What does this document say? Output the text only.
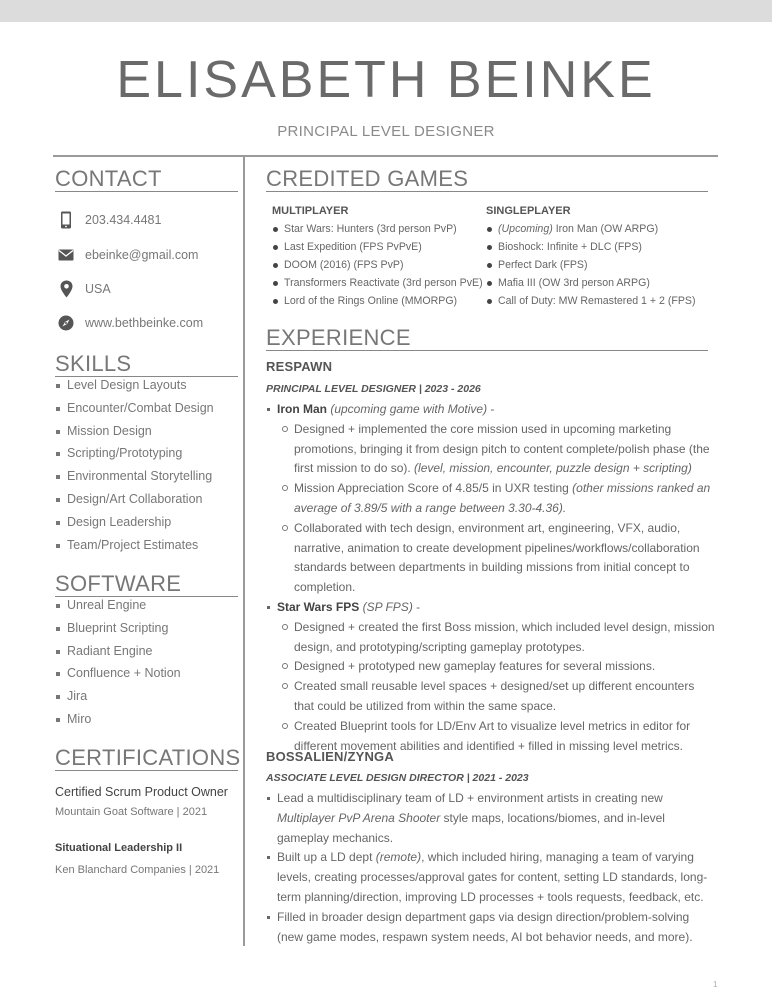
ELISABETH BEINKE
PRINCIPAL LEVEL DESIGNER
CONTACT
203.434.4481
ebeinke@gmail.com
USA
www.bethbeinke.com
SKILLS
Level Design Layouts
Encounter/Combat Design
Mission Design
Scripting/Prototyping
Environmental Storytelling
Design/Art Collaboration
Design Leadership
Team/Project Estimates
SOFTWARE
Unreal Engine
Blueprint Scripting
Radiant Engine
Confluence + Notion
Jira
Miro
CERTIFICATIONS
Certified Scrum Product Owner
Mountain Goat Software | 2021
Situational Leadership II
Ken Blanchard Companies | 2021
CREDITED GAMES
MULTIPLAYER
Star Wars: Hunters (3rd person PvP)
Last Expedition (FPS PvPvE)
DOOM (2016) (FPS PvP)
Transformers Reactivate (3rd person PvE)
Lord of the Rings Online (MMORPG)
SINGLEPLAYER
(Upcoming) Iron Man (OW ARPG)
Bioshock: Infinite + DLC (FPS)
Perfect Dark (FPS)
Mafia III (OW 3rd person ARPG)
Call of Duty: MW Remastered 1 + 2 (FPS)
EXPERIENCE
RESPAWN
PRINCIPAL LEVEL DESIGNER | 2023 - 2026
Iron Man (upcoming game with Motive) -
Designed + implemented the core mission used in upcoming marketing promotions, bringing it from design pitch to content complete/polish phase (the first mission to do so). (level, mission, encounter, puzzle design + scripting)
Mission Appreciation Score of 4.85/5 in UXR testing (other missions ranked an average of 3.89/5 with a range between 3.30-4.36).
Collaborated with tech design, environment art, engineering, VFX, audio, narrative, animation to create development pipelines/workflows/collaboration standards between departments in building missions from initial concept to completion.
Star Wars FPS (SP FPS) -
Designed + created the first Boss mission, which included level design, mission design, and prototyping/scripting gameplay prototypes.
Designed + prototyped new gameplay features for several missions.
Created small reusable level spaces + designed/set up different encounters that could be utilized from within the same space.
Created Blueprint tools for LD/Env Art to visualize level metrics in editor for different movement abilities and identified + filled in missing level metrics.
BOSSALIEN/ZYNGA
ASSOCIATE LEVEL DESIGN DIRECTOR | 2021 - 2023
Lead a multidisciplinary team of LD + environment artists in creating new Multiplayer PvP Arena Shooter style maps, locations/biomes, and in-level gameplay mechanics.
Built up a LD dept (remote), which included hiring, managing a team of varying levels, creating processes/approval gates for content, setting LD standards, long-term planning/direction, improving LD processes + tools requests, feedback, etc.
Filled in broader design department gaps via design direction/problem-solving (new game modes, respawn system needs, AI bot behavior needs, and more).
1
